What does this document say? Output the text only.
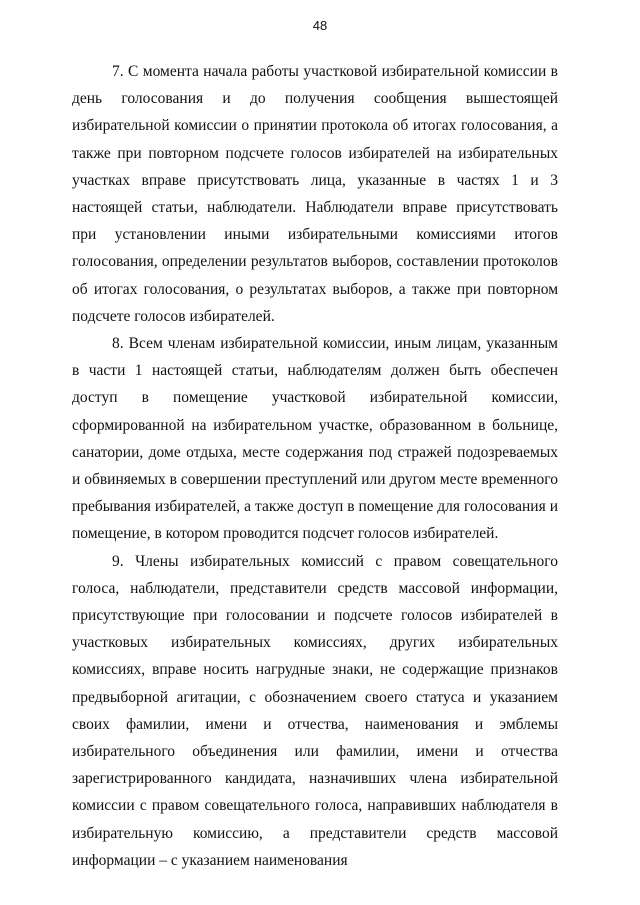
48

7. С момента начала работы участковой избирательной комиссии в день голосования и до получения сообщения вышестоящей избирательной комиссии о принятии протокола об итогах голосования, а также при повторном подсчете голосов избирателей на избирательных участках вправе присутствовать лица, указанные в частях 1 и 3 настоящей статьи, наблюдатели. Наблюдатели вправе присутствовать при установлении иными избирательными комиссиями итогов голосования, определении результатов выборов, составлении протоколов об итогах голосования, о результатах выборов, а также при повторном подсчете голосов избирателей.

8. Всем членам избирательной комиссии, иным лицам, указанным в части 1 настоящей статьи, наблюдателям должен быть обеспечен доступ в помещение участковой избирательной комиссии, сформированной на избирательном участке, образованном в больнице, санатории, доме отдыха, месте содержания под стражей подозреваемых и обвиняемых в совершении преступлений или другом месте временного пребывания избирателей, а также доступ в помещение для голосования и помещение, в котором проводится подсчет голосов избирателей.

9. Члены избирательных комиссий с правом совещательного голоса, наблюдатели, представители средств массовой информации, присутствующие при голосовании и подсчете голосов избирателей в участковых избирательных комиссиях, других избирательных комиссиях, вправе носить нагрудные знаки, не содержащие признаков предвыборной агитации, с обозначением своего статуса и указанием своих фамилии, имени и отчества, наименования и эмблемы избирательного объединения или фамилии, имени и отчества зарегистрированного кандидата, назначивших члена избирательной комиссии с правом совещательного голоса, направивших наблюдателя в избирательную комиссию, а представители средств массовой информации – с указанием наименования
